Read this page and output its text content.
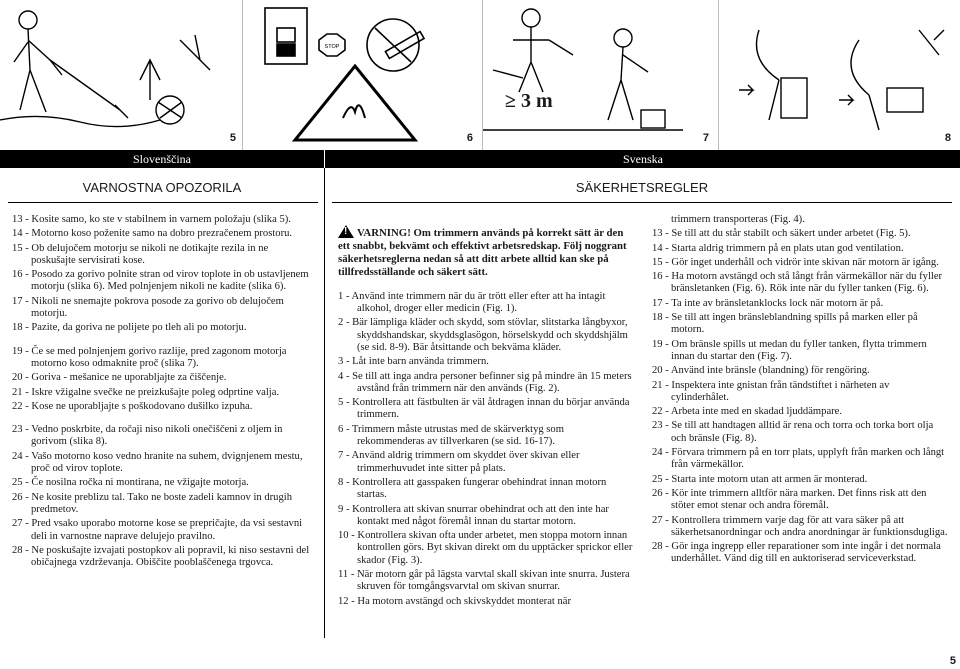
5
STOP
6
≥ 3 m
7	8
Slovenščina	Svenska
VARNOSTNA OPOZORILA	SÄKERHETSREGLER

13 - Kosite samo, ko ste v stabilnem in varnem položaju (slika 5).

14 - Motorno koso poženite samo na dobro prezračenem prostoru.

15 - Ob delujočem motorju se nikoli ne dotikajte rezila in ne poskušajte servisirati kose.

16 - Posodo za gorivo polnite stran od virov toplote in ob ustavljenem motorju (slika 6). Med polnjenjem nikoli ne kadite (slika 6).

17 - Nikoli ne snemajte pokrova posode za gorivo ob delujočem motorju.

18 - Pazite, da goriva ne polijete po tleh ali po motorju.

19 - Če se med polnjenjem gorivo razlije, pred zagonom motorja motorno koso odmaknite proč (slika 7).

20 - Goriva - mešanice ne uporabljajte za čiščenje.

21 - Iskre vžigalne svečke ne preizkušajte poleg odprtine valja.

22 - Kose ne uporabljajte s poškodovano dušilko izpuha.

23 - Vedno poskrbite, da ročaji niso nikoli onečiščeni z oljem in gorivom (slika 8).

24 - Vašo motorno koso vedno hranite na suhem, dvignjenem mestu, proč od virov toplote.

25 - Če nosilna ročka ni montirana, ne vžigajte motorja.

26 - Ne kosite preblizu tal. Tako ne boste zadeli kamnov in drugih predmetov.

27 - Pred vsako uporabo motorne kose se prepričajte, da vsi sestavni deli in varnostne naprave delujejo pravilno.

28 - Ne poskušajte izvajati postopkov ali popravil, ki niso sestavni del običajnega vzdrževanja. Obiščite pooblaščenega trgovca.

!VARNING! Om trimmern används på korrekt sätt är den ett snabbt, bekvämt och effektivt arbetsredskap. Följ noggrant säkerhetsreglerna nedan så att ditt arbete alltid kan ske på tillfredsställande och säkert sätt.

1 - Använd inte trimmern när du är trött eller efter att ha intagit alkohol, droger eller medicin (Fig. 1).

2 - Bär lämpliga kläder och skydd, som stövlar, slitstarka långbyxor, skyddshandskar, skyddsglasögon, hörselskydd och skyddshjälm (se sid. 8-9). Bär åtsittande och bekväma kläder.

3 - Låt inte barn använda trimmern.

4 - Se till att inga andra personer befinner sig på mindre än 15 meters avstånd från trimmern när den används (Fig. 2).

5 - Kontrollera att fästbulten är väl åtdragen innan du börjar använda trimmern.

6 - Trimmern måste utrustas med de skärverktyg som rekommenderas av tillverkaren (se sid. 16-17).

7 - Använd aldrig trimmern om skyddet över skivan eller trimmerhuvudet inte sitter på plats.

8 - Kontrollera att gasspaken fungerar obehindrat innan motorn startas.

9 - Kontrollera att skivan snurrar obehindrat och att den inte har kontakt med något föremål innan du startar motorn.

10 - Kontrollera skivan ofta under arbetet, men stoppa motorn innan kontrollen görs. Byt skivan direkt om du upptäcker sprickor eller skador (Fig. 3).

11 - När motorn går på lägsta varvtal skall skivan inte snurra. Justera skruven för tomgångsvarvtal om skivan snurrar.

12 - Ha motorn avstängd och skivskyddet monterat när

trimmern transporteras (Fig. 4).

13 - Se till att du står stabilt och säkert under arbetet (Fig. 5).

14 - Starta aldrig trimmern på en plats utan god ventilation.

15 - Gör inget underhåll och vidrör inte skivan när motorn är igång.

16 - Ha motorn avstängd och stå långt från värmekällor när du fyller bränsletanken (Fig. 6). Rök inte när du fyller tanken (Fig. 6).

17 - Ta inte av bränsletanklocks lock när motorn är på.

18 - Se till att ingen bränsleblandning spills på marken eller på motorn.

19 - Om bränsle spills ut medan du fyller tanken, flytta trimmern innan du startar den (Fig. 7).

20 - Använd inte bränsle (blandning) för rengöring.

21 - Inspektera inte gnistan från tändstiftet i närheten av cylinderhålet.

22 - Arbeta inte med en skadad ljuddämpare.

23 - Se till att handtagen alltid är rena och torra och torka bort olja och bränsle (Fig. 8).

24 - Förvara trimmern på en torr plats, upplyft från marken och långt från värmekällor.

25 - Starta inte motorn utan att armen är monterad.

26 - Kör inte trimmern alltför nära marken. Det finns risk att den stöter emot stenar och andra föremål.

27 - Kontrollera trimmern varje dag för att vara säker på att säkerhetsanordningar och andra anordningar är funktionsdugliga.

28 - Gör inga ingrepp eller reparationer som inte ingår i det normala underhållet. Vänd dig till en auktoriserad serviceverkstad.

5
